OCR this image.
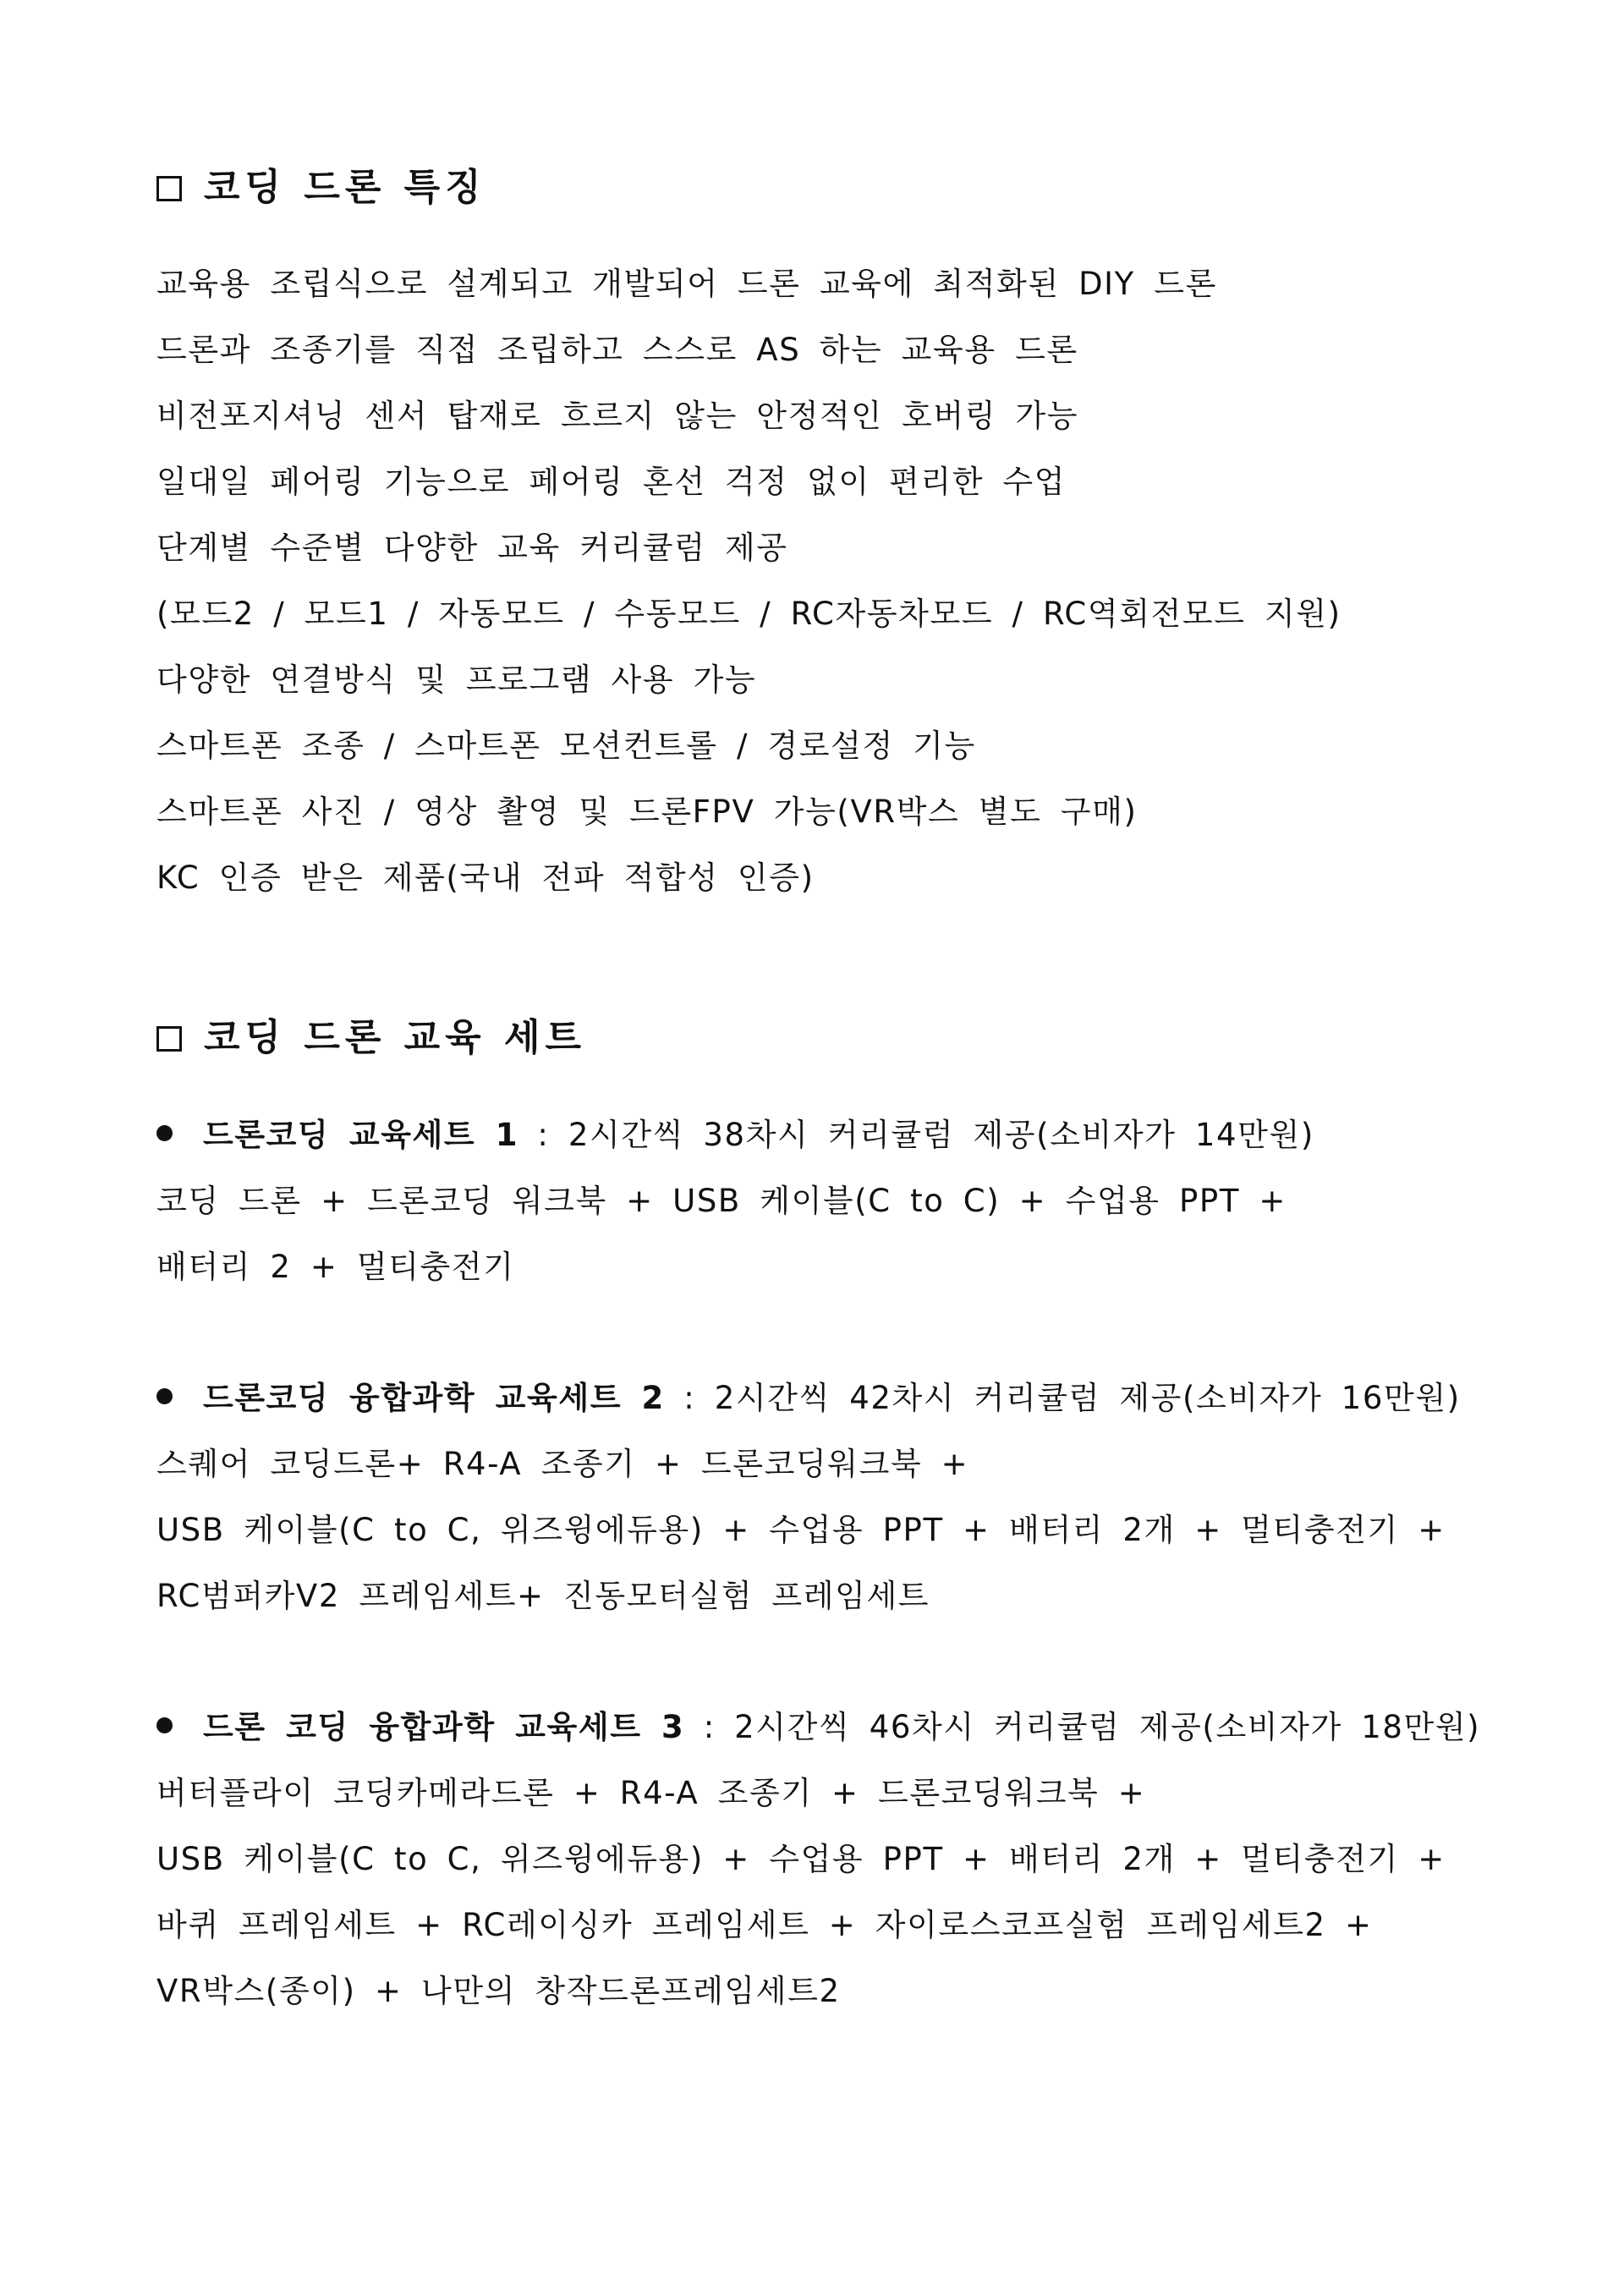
코딩 드론 특징
교육용 조립식으로 설계되고 개발되어 드론 교육에 최적화된 DIY 드론
드론과 조종기를 직접 조립하고 스스로 AS 하는 교육용 드론
비전포지셔닝 센서 탑재로 흐르지 않는 안정적인 호버링 가능
일대일 페어링 기능으로 페어링 혼선 걱정 없이 편리한 수업
단계별 수준별 다양한 교육 커리큘럼 제공
(모드2 / 모드1 / 자동모드 / 수동모드 / RC자동차모드 / RC역회전모드 지원)
다양한 연결방식 및 프로그램 사용 가능
스마트폰 조종 / 스마트폰 모션컨트롤 / 경로설정 기능
스마트폰 사진 / 영상 촬영 및 드론FPV 가능(VR박스 별도 구매)
KC 인증 받은 제품(국내 전파 적합성 인증)
코딩 드론 교육 세트
드론코딩 교육세트 1 : 2시간씩 38차시 커리큘럼 제공(소비자가 14만원)
코딩 드론 + 드론코딩 워크북 + USB 케이블(C to C) + 수업용 PPT +
배터리 2 + 멀티충전기
드론코딩 융합과학 교육세트 2 : 2시간씩 42차시 커리큘럼 제공(소비자가 16만원)
스퀘어 코딩드론+ R4-A 조종기 + 드론코딩워크북 +
USB 케이블(C to C, 위즈윙에듀용) + 수업용 PPT + 배터리 2개 + 멀티충전기 +
RC범퍼카V2 프레임세트+ 진동모터실험 프레임세트
드론 코딩 융합과학 교육세트 3 : 2시간씩 46차시 커리큘럼 제공(소비자가 18만원)
버터플라이 코딩카메라드론 + R4-A 조종기 + 드론코딩워크북 +
USB 케이블(C to C, 위즈윙에듀용) + 수업용 PPT + 배터리 2개 + 멀티충전기 +
바퀴 프레임세트 + RC레이싱카 프레임세트 + 자이로스코프실험 프레임세트2 +
VR박스(종이) + 나만의 창작드론프레임세트2
